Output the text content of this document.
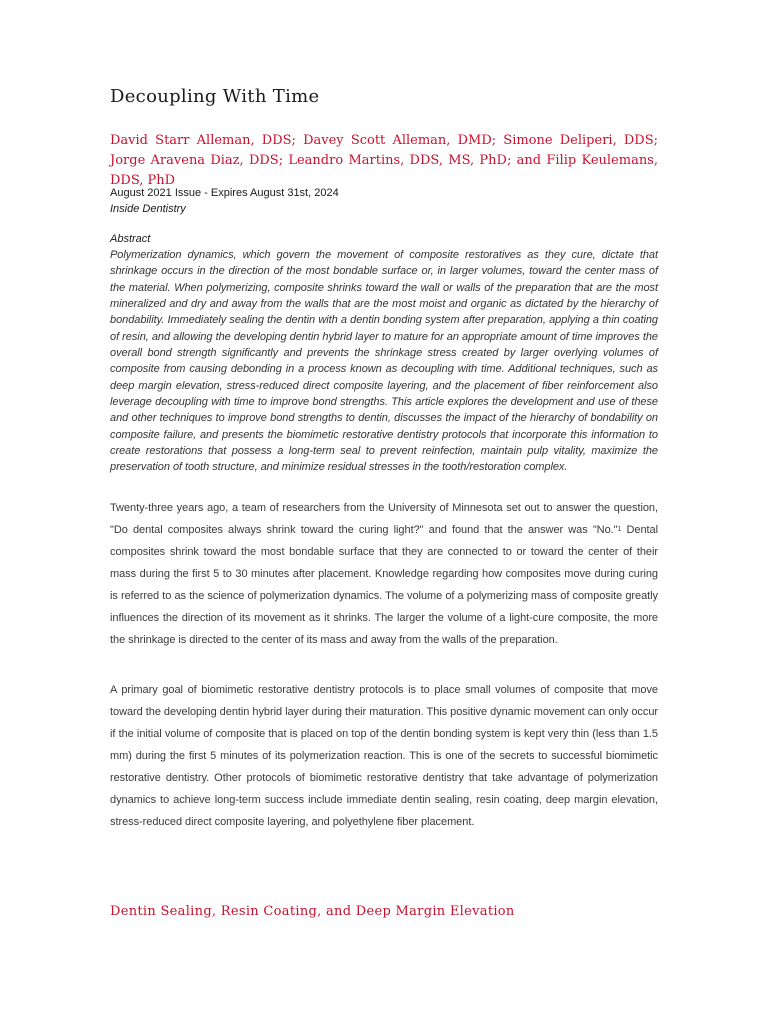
Decoupling With Time

David Starr Alleman, DDS; Davey Scott Alleman, DMD; Simone Deliperi, DDS; Jorge Aravena Diaz, DDS; Leandro Martins, DDS, MS, PhD; and Filip Keulemans, DDS, PhD

August 2021 Issue - Expires August 31st, 2024

Inside Dentistry

Abstract

Polymerization dynamics, which govern the movement of composite restoratives as they cure, dictate that shrinkage occurs in the direction of the most bondable surface or, in larger volumes, toward the center mass of the material. When polymerizing, composite shrinks toward the wall or walls of the preparation that are the most mineralized and dry and away from the walls that are the most moist and organic as dictated by the hierarchy of bondability. Immediately sealing the dentin with a dentin bonding system after preparation, applying a thin coating of resin, and allowing the developing dentin hybrid layer to mature for an appropriate amount of time improves the overall bond strength significantly and prevents the shrinkage stress created by larger overlying volumes of composite from causing debonding in a process known as decoupling with time. Additional techniques, such as deep margin elevation, stress-reduced direct composite layering, and the placement of fiber reinforcement also leverage decoupling with time to improve bond strengths. This article explores the development and use of these and other techniques to improve bond strengths to dentin, discusses the impact of the hierarchy of bondability on composite failure, and presents the biomimetic restorative dentistry protocols that incorporate this information to create restorations that possess a long-term seal to prevent reinfection, maintain pulp vitality, maximize the preservation of tooth structure, and minimize residual stresses in the tooth/restoration complex.

Twenty-three years ago, a team of researchers from the University of Minnesota set out to answer the question, "Do dental composites always shrink toward the curing light?" and found that the answer was "No."$^1$ Dental composites shrink toward the most bondable surface that they are connected to or toward the center of their mass during the first 5 to 30 minutes after placement. Knowledge regarding how composites move during curing is referred to as the science of polymerization dynamics. The volume of a polymerizing mass of composite greatly influences the direction of its movement as it shrinks. The larger the volume of a light-cure composite, the more the shrinkage is directed to the center of its mass and away from the walls of the preparation.

A primary goal of biomimetic restorative dentistry protocols is to place small volumes of composite that move toward the developing dentin hybrid layer during their maturation. This positive dynamic movement can only occur if the initial volume of composite that is placed on top of the dentin bonding system is kept very thin (less than 1.5 mm) during the first 5 minutes of its polymerization reaction. This is one of the secrets to successful biomimetic restorative dentistry. Other protocols of biomimetic restorative dentistry that take advantage of polymerization dynamics to achieve long-term success include immediate dentin sealing, resin coating, deep margin elevation, stress-reduced direct composite layering, and polyethylene fiber placement.

Dentin Sealing, Resin Coating, and Deep Margin Elevation
